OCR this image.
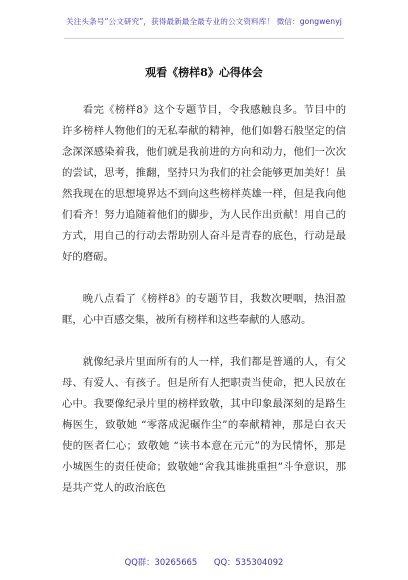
关注头条号“公文研究”，获得最新最全最专业的公文资料库！ 微信：gongwenyj
观看《榜样8》心得体会

看完《榜样8》这个专题节目，令我感触良多。节目中的许多榜样人物他们的无私奉献的精神，他们如磐石般坚定的信念深深感染着我，他们就是我前进的方向和动力，他们一次次的尝试，思考，推翻，坚持只为我们的社会能够更加美好！虽然我现在的思想境界达不到向这些榜样英雄一样，但是我向他们看齐！努力追随着他们的脚步，为人民作出贡献！用自己的方式，用自己的行动去帮助别人奋斗是青春的底色，行动是最好的磨砺。

晚八点看了《榜样8》的专题节目，我数次哽咽，热泪盈眶，心中百感交集，被所有榜样和这些奉献的人感动。

就像纪录片里面所有的人一样，我们都是普通的人，有父母、有爱人、有孩子。但是所有人把职责当使命，把人民放在心中。我要像纪录片里的榜样致敬，其中印象最深刻的是路生梅医生，致敬她 “零落成泥碾作尘”的奉献精神，那是白衣天使的医者仁心；致敬她 “读书本意在元元”的为民情怀，那是小城医生的责任使命；致敬她“舍我其谁挑重担”斗争意识，那是共产党人的政治底色

QQ群：30265665 QQ：535304092
